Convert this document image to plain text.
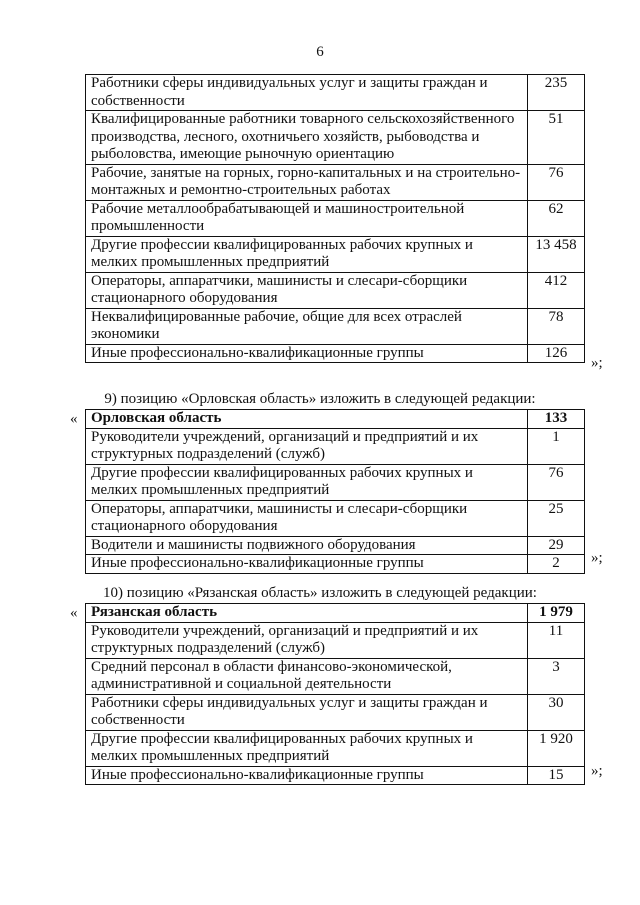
6
Работники сферы индивидуальных услуг и защиты граждан и собственности	235
Квалифицированные работники товарного сельскохозяйственного производства, лесного, охотничьего хозяйств, рыбоводства и рыболовства, имеющие рыночную ориентацию	51
Рабочие, занятые на горных, горно-капитальных и на строительно-монтажных и ремонтно-строительных работах	76
Рабочие металлообрабатывающей и машиностроительной промышленности	62
Другие профессии квалифицированных рабочих крупных и мелких промышленных предприятий	13 458
Операторы, аппаратчики, машинисты и слесари-сборщики стационарного оборудования	412
Неквалифицированные рабочие, общие для всех отраслей экономики	78
Иные профессионально-квалификационные группы	126
»;
9) позицию «Орловская область» изложить в следующей редакции:
« Орловская область	133
Руководители учреждений, организаций и предприятий и их структурных подразделений (служб)	1
Другие профессии квалифицированных рабочих крупных и мелких промышленных предприятий	76
Операторы, аппаратчики, машинисты и слесари-сборщики стационарного оборудования	25
Водители и машинисты подвижного оборудования	29
Иные профессионально-квалификационные группы	2 »;
10) позицию «Рязанская область» изложить в следующей редакции:
« Рязанская область	1 979
Руководители учреждений, организаций и предприятий и их структурных подразделений (служб)	11
Средний персонал в области финансово-экономической, административной и социальной деятельности	3
Работники сферы индивидуальных услуг и защиты граждан и собственности	30
Другие профессии квалифицированных рабочих крупных и мелких промышленных предприятий	1 920
Иные профессионально-квалификационные группы	15 »;
